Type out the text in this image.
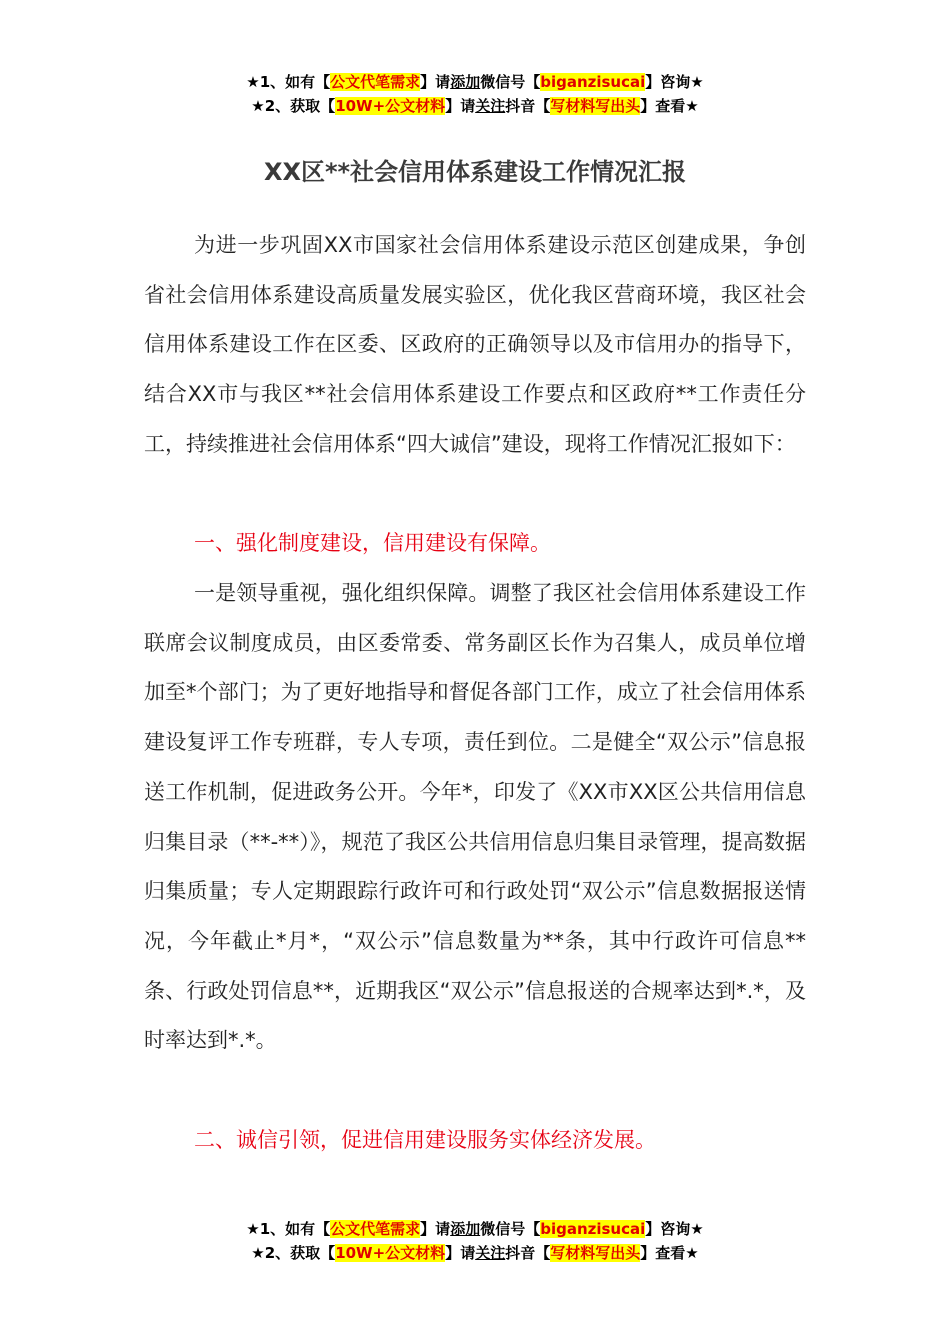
★1、如有【公文代笔需求】请添加微信号【biganzisucai】咨询★
★2、获取【10W+公文材料】请关注抖音【写材料写出头】查看★
XX区**社会信用体系建设工作情况汇报

为进一步巩固XX市国家社会信用体系建设示范区创建成果，争创省社会信用体系建设高质量发展实验区，优化我区营商环境，我区社会信用体系建设工作在区委、区政府的正确领导以及市信用办的指导下，结合XX市与我区**社会信用体系建设工作要点和区政府**工作责任分工，持续推进社会信用体系“四大诚信”建设，现将工作情况汇报如下：

一、强化制度建设，信用建设有保障。

一是领导重视，强化组织保障。调整了我区社会信用体系建设工作联席会议制度成员，由区委常委、常务副区长作为召集人，成员单位增加至*个部门；为了更好地指导和督促各部门工作，成立了社会信用体系建设复评工作专班群，专人专项，责任到位。二是健全“双公示”信息报送工作机制，促进政务公开。今年*，印发了《XX市XX区公共信用信息归集目录（**-**）》，规范了我区公共信用信息归集目录管理，提高数据归集质量；专人定期跟踪行政许可和行政处罚“双公示”信息数据报送情况，今年截止*月*，“双公示”信息数量为**条，其中行政许可信息**条、行政处罚信息**，近期我区“双公示”信息报送的合规率达到*.*，及时率达到*.*。

二、诚信引领，促进信用建设服务实体经济发展。

★1、如有【公文代笔需求】请添加微信号【biganzisucai】咨询★
★2、获取【10W+公文材料】请关注抖音【写材料写出头】查看★
